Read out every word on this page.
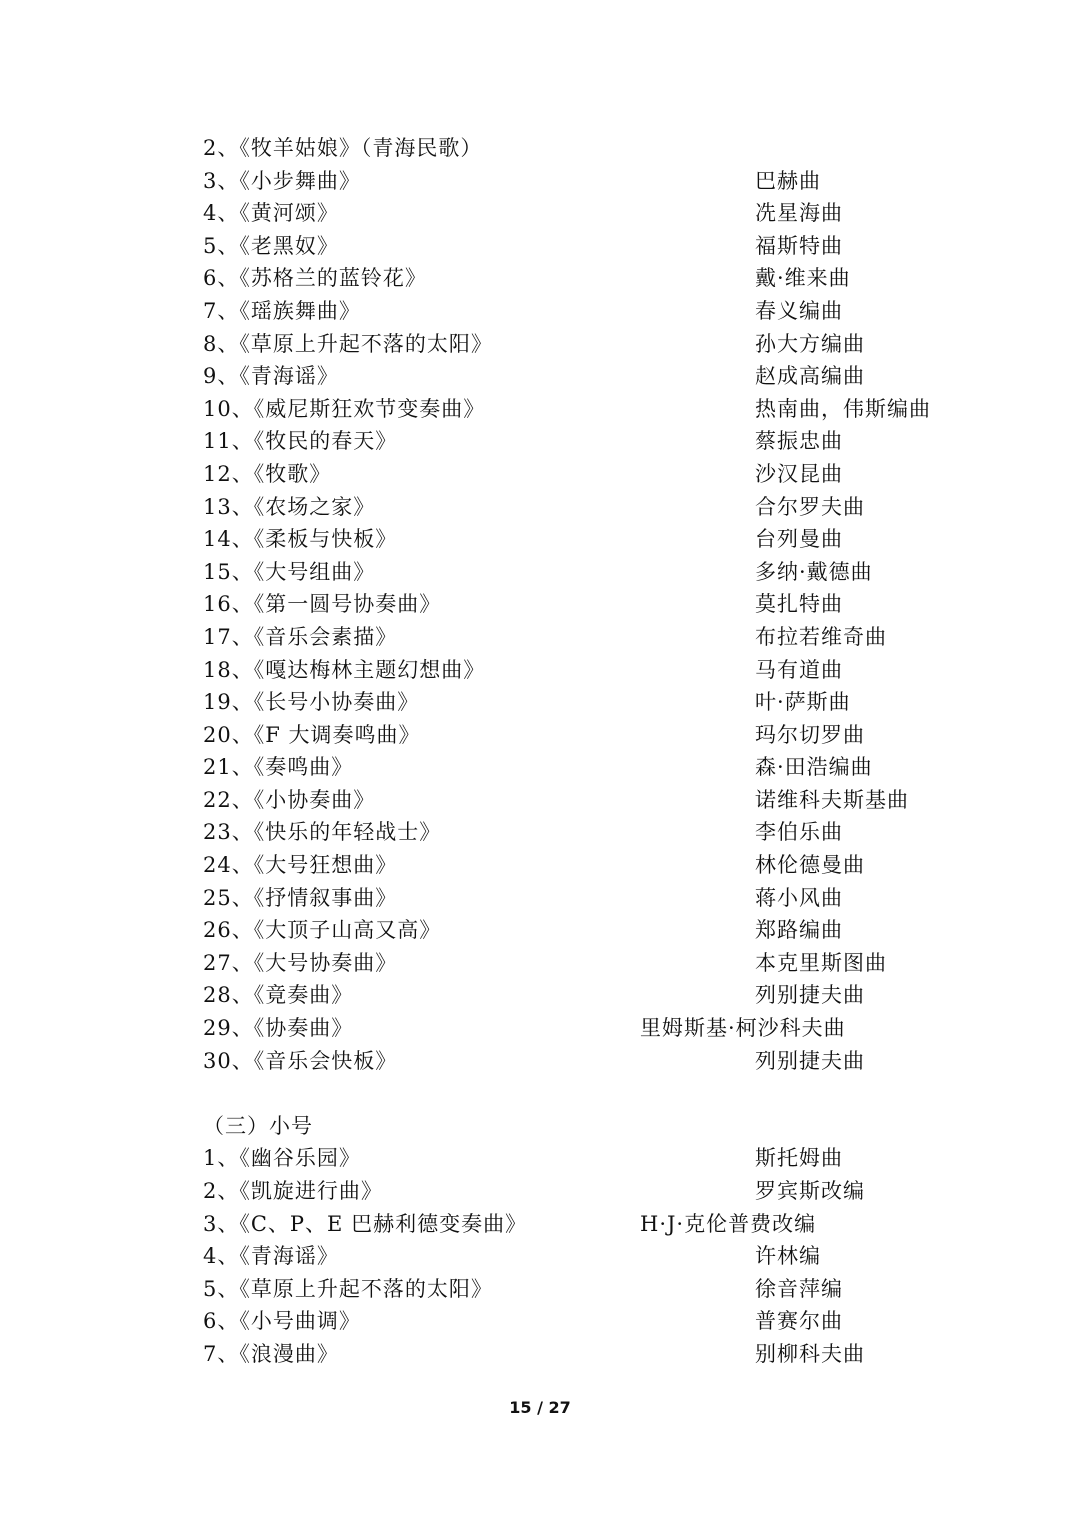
2、《牧羊姑娘》（青海民歌）
3、《小步舞曲》	巴赫曲
4、《黄河颂》	冼星海曲
5、《老黑奴》	福斯特曲
6、《苏格兰的蓝铃花》	戴·维来曲
7、《瑶族舞曲》	春义编曲
8、《草原上升起不落的太阳》	孙大方编曲
9、《青海谣》	赵成高编曲
10、《威尼斯狂欢节变奏曲》	热南曲，伟斯编曲
11、《牧民的春天》	蔡振忠曲
12、《牧歌》	沙汉昆曲
13、《农场之家》	合尔罗夫曲
14、《柔板与快板》	台列曼曲
15、《大号组曲》	多纳·戴德曲
16、《第一圆号协奏曲》	莫扎特曲
17、《音乐会素描》	布拉若维奇曲
18、《嘎达梅林主题幻想曲》	马有道曲
19、《长号小协奏曲》	叶·萨斯曲
20、《F 大调奏鸣曲》	玛尔切罗曲
21、《奏鸣曲》	森·田浩编曲
22、《小协奏曲》	诺维科夫斯基曲
23、《快乐的年轻战士》	李伯乐曲
24、《大号狂想曲》	林伦德曼曲
25、《抒情叙事曲》	蒋小风曲
26、《大顶子山高又高》	郑路编曲
27、《大号协奏曲》	本克里斯图曲
28、《竟奏曲》	列别捷夫曲
29、《协奏曲》	里姆斯基·柯沙科夫曲
30、《音乐会快板》	列别捷夫曲
（三）小号
1、《幽谷乐园》	斯托姆曲
2、《凯旋进行曲》	罗宾斯改编
3、《C、P、E 巴赫利德变奏曲》	H·J·克伦普费改编
4、《青海谣》	许林编
5、《草原上升起不落的太阳》	徐音萍编
6、《小号曲调》	普赛尔曲
7、《浪漫曲》	别柳科夫曲
15 / 27
